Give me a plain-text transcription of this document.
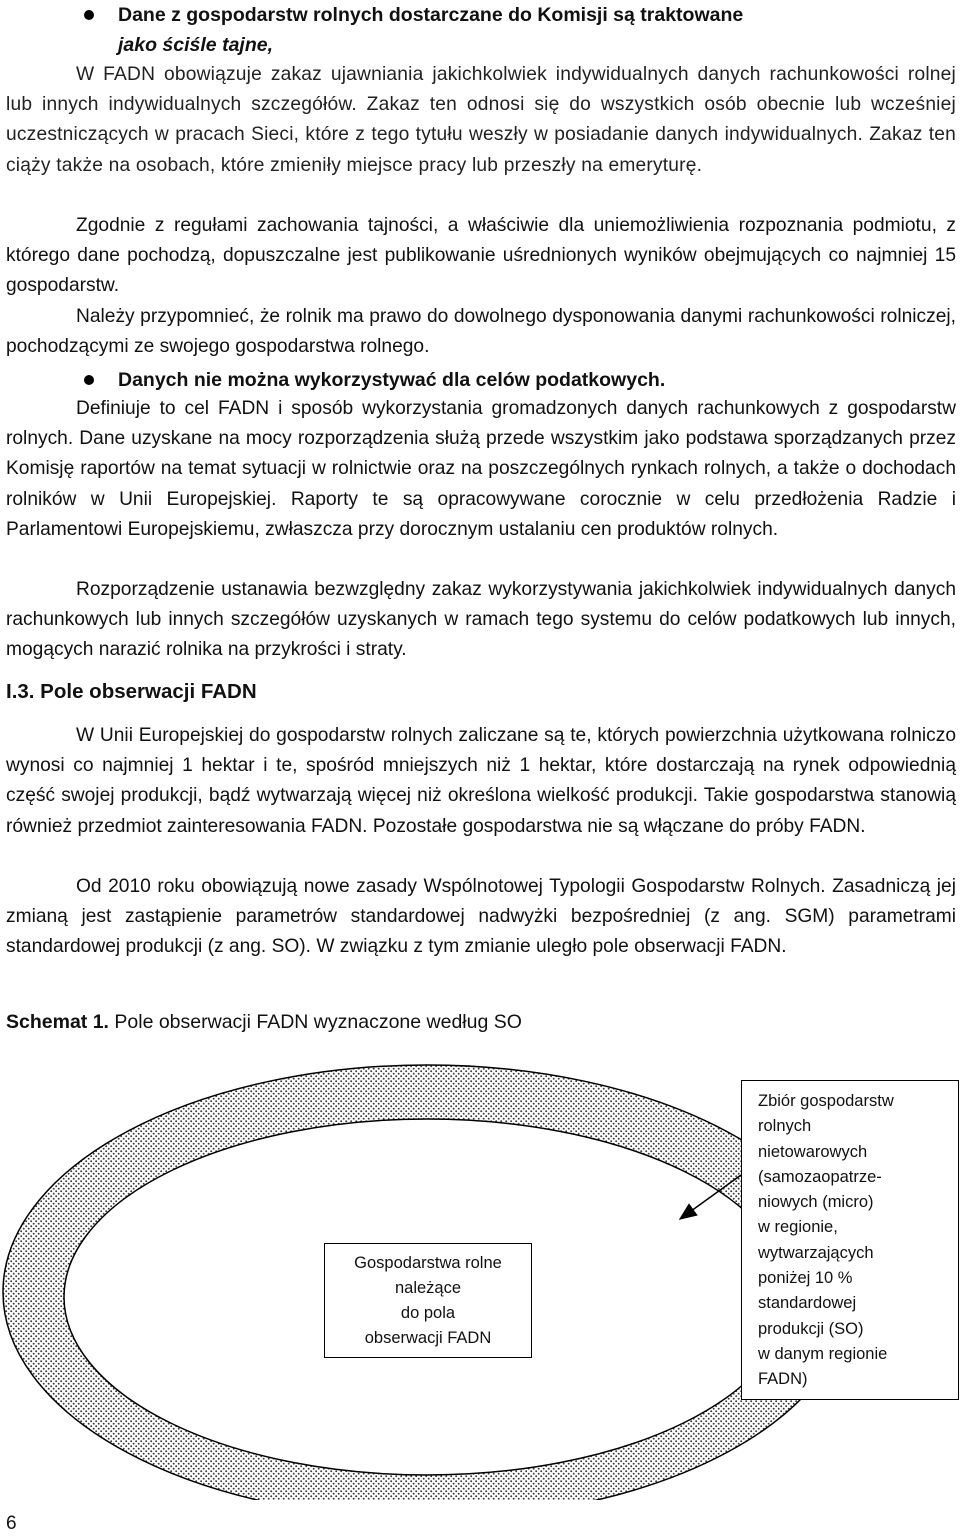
Dane z gospodarstw rolnych dostarczane do Komisji są traktowane
jako ściśle tajne,

W FADN obowiązuje zakaz ujawniania jakichkolwiek indywidualnych danych rachunkowości rolnej lub innych indywidualnych szczegółów. Zakaz ten odnosi się do wszystkich osób obecnie lub wcześniej uczestniczących w pracach Sieci, które z tego tytułu weszły w posiadanie danych indywidualnych. Zakaz ten ciąży także na osobach, które zmieniły miejsce pracy lub przeszły na emeryturę.

Zgodnie z regułami zachowania tajności, a właściwie dla uniemożliwienia rozpoznania podmiotu, z którego dane pochodzą, dopuszczalne jest publikowanie uśrednionych wyników obejmujących co najmniej 15 gospodarstw.

Należy przypomnieć, że rolnik ma prawo do dowolnego dysponowania danymi rachunkowości rolniczej, pochodzącymi ze swojego gospodarstwa rolnego.

Danych nie można wykorzystywać dla celów podatkowych.

Definiuje to cel FADN i sposób wykorzystania gromadzonych danych rachunkowych z gospodarstw rolnych. Dane uzyskane na mocy rozporządzenia służą przede wszystkim jako podstawa sporządzanych przez Komisję raportów na temat sytuacji w rolnictwie oraz na poszczególnych rynkach rolnych, a także o dochodach rolników w Unii Europejskiej. Raporty te są opracowywane corocznie w celu przedłożenia Radzie i Parlamentowi Europejskiemu, zwłaszcza przy dorocznym ustalaniu cen produktów rolnych.

Rozporządzenie ustanawia bezwzględny zakaz wykorzystywania jakichkolwiek indywidualnych danych rachunkowych lub innych szczegółów uzyskanych w ramach tego systemu do celów podatkowych lub innych, mogących narazić rolnika na przykrości i straty.

I.3. Pole obserwacji FADN

W Unii Europejskiej do gospodarstw rolnych zaliczane są te, których powierzchnia użytkowana rolniczo wynosi co najmniej 1 hektar i te, spośród mniejszych niż 1 hektar, które dostarczają na rynek odpowiednią część swojej produkcji, bądź wytwarzają więcej niż określona wielkość produkcji. Takie gospodarstwa stanowią również przedmiot zainteresowania FADN. Pozostałe gospodarstwa nie są włączane do próby FADN.

Od 2010 roku obowiązują nowe zasady Wspólnotowej Typologii Gospodarstw Rolnych. Zasadniczą jej zmianą jest zastąpienie parametrów standardowej nadwyżki bezpośredniej (z ang. SGM) parametrami standardowej produkcji (z ang. SO). W związku z tym zmianie uległo pole obserwacji FADN.

Schemat 1. Pole obserwacji FADN wyznaczone według SO
Gospodarstwa rolne
należące
do pola
obserwacji FADN
Zbiór gospodarstw
rolnych
nietowarowych
(samozaopatrze-
niowych (micro)
w regionie,
wytwarzających
poniżej 10 %
standardowej
produkcji (SO)
w danym regionie
FADN)
6
